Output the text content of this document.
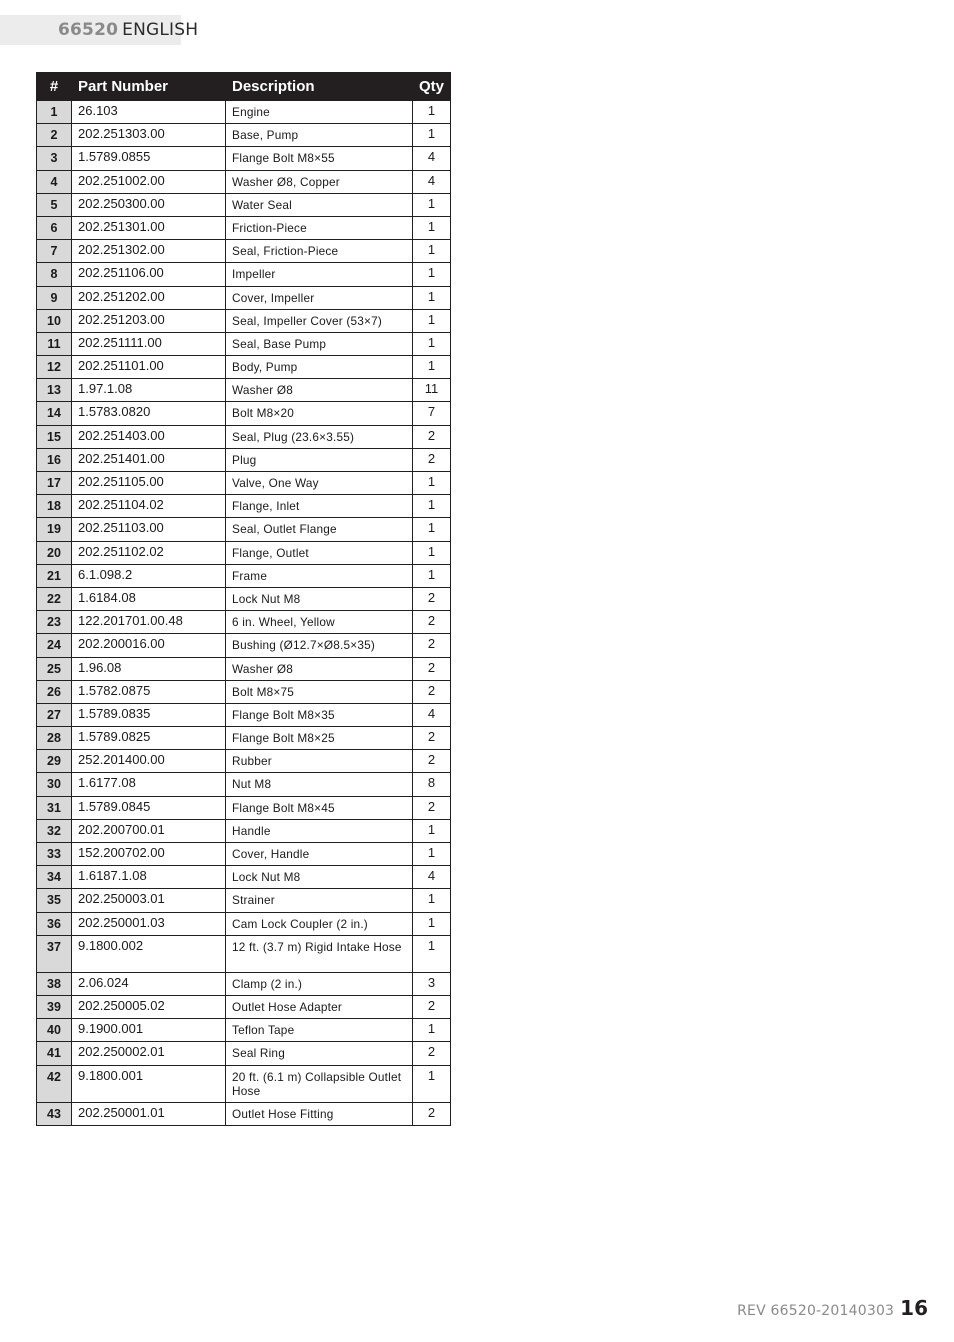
66520 ENGLISH
#	Part Number	Description	Qty
1	26.103	Engine	1
2	202.251303.00	Base, Pump	1
3	1.5789.0855	Flange Bolt M8×55	4
4	202.251002.00	Washer Ø8, Copper	4
5	202.250300.00	Water Seal	1
6	202.251301.00	Friction-Piece	1
7	202.251302.00	Seal, Friction-Piece	1
8	202.251106.00	Impeller	1
9	202.251202.00	Cover, Impeller	1
10	202.251203.00	Seal, Impeller Cover (53×7)	1
11	202.251111.00	Seal, Base Pump	1
12	202.251101.00	Body, Pump	1
13	1.97.1.08	Washer Ø8	11
14	1.5783.0820	Bolt M8×20	7
15	202.251403.00	Seal, Plug (23.6×3.55)	2
16	202.251401.00	Plug	2
17	202.251105.00	Valve, One Way	1
18	202.251104.02	Flange, Inlet	1
19	202.251103.00	Seal, Outlet Flange	1
20	202.251102.02	Flange, Outlet	1
21	6.1.098.2	Frame	1
22	1.6184.08	Lock Nut M8	2
23	122.201701.00.48	6 in. Wheel, Yellow	2
24	202.200016.00	Bushing (Ø12.7×Ø8.5×35)	2
25	1.96.08	Washer Ø8	2
26	1.5782.0875	Bolt M8×75	2
27	1.5789.0835	Flange Bolt M8×35	4
28	1.5789.0825	Flange Bolt M8×25	2
29	252.201400.00	Rubber	2
30	1.6177.08	Nut M8	8
31	1.5789.0845	Flange Bolt M8×45	2
32	202.200700.01	Handle	1
33	152.200702.00	Cover, Handle	1
34	1.6187.1.08	Lock Nut M8	4
35	202.250003.01	Strainer	1
36	202.250001.03	Cam Lock Coupler (2 in.)	1
37	9.1800.002	12 ft. (3.7 m) Rigid Intake Hose	1
38	2.06.024	Clamp (2 in.)	3
39	202.250005.02	Outlet Hose Adapter	2
40	9.1900.001	Teflon Tape	1
41	202.250002.01	Seal Ring	2
42	9.1800.001	20 ft. (6.1 m) Collapsible Outlet Hose	1
43	202.250001.01	Outlet Hose Fitting	2
REV 66520-20140303 16
